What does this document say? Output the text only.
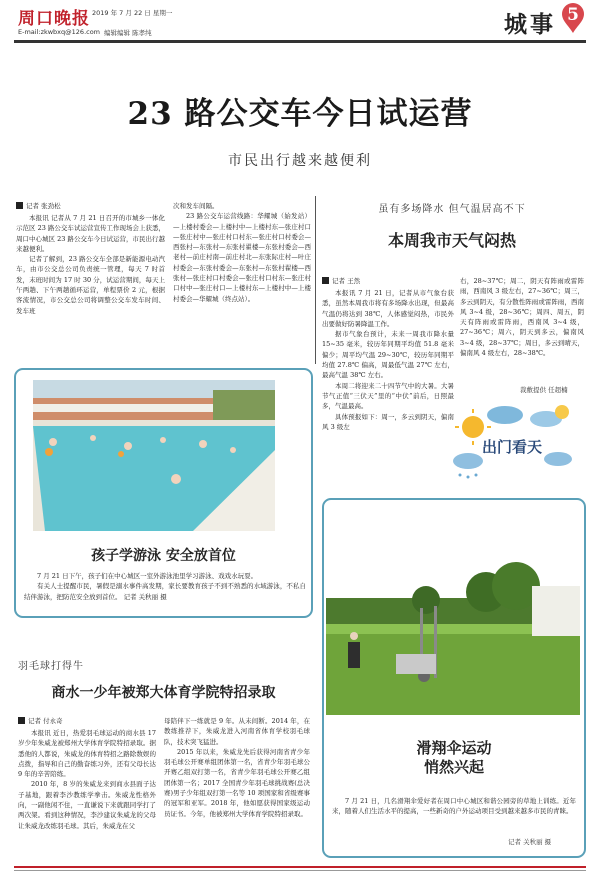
周口晚报 2019 年 7 月 22 日 星期一
E-mail:zkwbxq@126.com 编辑编辑 陈孝纯	城事 5
23 路公交车今日试运营
市民出行越来越便利
记者 张劲松

本报讯 记者从 7 月 21 日召开的市城乡一体化示范区 23 路公交车试运营宣传工作现场会上获悉，周口中心城区 23 路公交车今日试运营，市民出行越来越便利。

记者了解到，23 路公交车全部是新能源电动汽车，由市公交总公司负责统一管理，每天 7 时首发，末班时间为 17 时 30 分，试运营期间，每天上午两趟、下午两趟循环运营，单程票价 2 元，根据客流情况，市公交总公司将调整公交车发车时间、发车班

次和发车间隔。

23 路公交车运营线路：华耀城（始发站）—上楼村委会—上楼村中—上楼村东—张庄村口—张庄村中—张庄村口村东—张庄村口村委会—西张村—东张村—东张村翟楼—东张村委会—西老村—前庄村南—前庄村北—东张际庄村—叶庄村委会—东张村委会—东张村—东张村翟楼—西张村—张庄村口村委会—张庄村口村东—张庄村口村中—张庄村口—上楼村东—上楼村中—上楼村委会—华耀城（终点站）。

虽有多场降水 但气温居高不下
本周我市天气闷热
记者 王然

本报讯 7 月 21 日，记者从市气象台获悉，虽然本周我市将有多场降水出现，但最高气温仍将达到 38℃，人体感觉闷热，市民外出要做好防暑降温工作。

据市气象台预计，未来一周我市降水量 15~35 毫米，较历年同期平均值 51.8 毫米偏少；周平均气温 29~30℃，较历年同期平均值 27.8℃ 偏高，周最低气温 27℃ 左右，最高气温 38℃ 左右。

本周二将迎来二十四节气中的大暑。大暑节气正值“三伏天”里的“中伏”前后，日照最多，气温最高。

具体预报如下：周一，多云到阴天，偏南风 3 级左

右，28~37℃；周二，阴天有阵雨或雷阵雨，西南风 3 级左右，27~36℃；周三，多云到阴天，有分散性阵雨或雷阵雨，西南风 3~4 级，28~36℃；周四、周五，阴天有阵雨或雷阵雨，西南风 3~4 级，27~36℃；周六，阴天到多云，偏南风 3~4 级，28~37℃；周日，多云到晴天，偏南风 4 级左右，28~38℃。

裁敷提供 任超楠
出门看天
孩子学游泳 安全放首位

7 月 21 日下午，孩子们在中心城区一室外游泳池里学习游泳、戏戏水玩耍。

有关人士提醒市民，暑假是溺水事件高发期，家长要教育孩子不到不熟悉的水域游泳，不私自结伴游泳，把防范安全放到首位。 记者 关秋丽 摄

羽毛球打得牛
商水一少年被郑大体育学院特招录取
记者 付永奇

本报讯 近日，热爱羽毛球运动的商水县 17 岁少年朱威龙被郑州大学体育学院特招录取。据悉他的人都说，朱威龙的体育特招之路除数娱的点拨，指导和自己的勤奋练习外，还有父母长达 9 年的辛苦陪练。

2010 年，8 岁的朱威龙来到商水县面子达子基地，跟着李沙教练学拳击。朱威龙性格外向，一副他闲不住，一直谦说下来就跟同学打了两次架。看到这种情况，李沙建议朱威龙的父母让朱威龙改练羽毛球。其后，朱威龙在父

母陪伴下一练就是 9 年。从未间断。2014 年，在教练推荐下，朱威龙进入河南省体育学校羽毛球队，技术突飞猛进。

2015 年以来，朱威龙先后获得河南省青少年羽毛球公开赛单组团体第一名，省青少年羽毛球公开赛乙组双打第一名，省青少年羽毛球公开赛乙组团体第一名；2017 全国青少年羽毛球挑战赛(总决赛)男子少年组双打第一名等 10 项国家和省级赛事的冠军和亚军。2018 年，他如愿获得国家级运动员证书。今年，他被郑州大学体育学院特招录取。

滑翔伞运动
悄然兴起

7 月 21 日，几名滑翔伞爱好者在周口中心城区和谐公园旁的草地上训练。近年来，随着人们生活水平的提高，一些新奇的户外运动项目受到越来越多市民的青睐。

记者 关秋丽 摄
